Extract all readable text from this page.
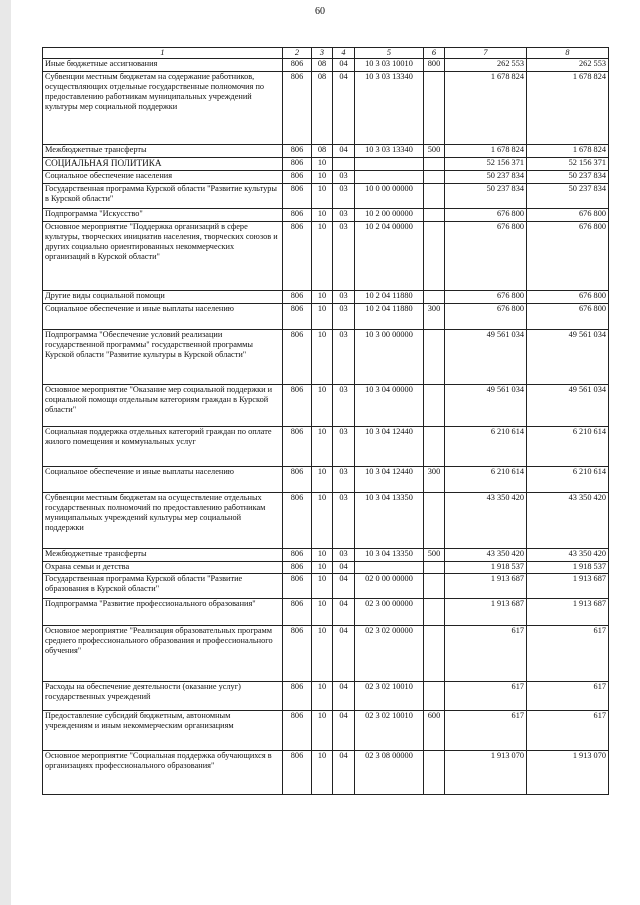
60
1	2	3	4	5	6	7	8
Иные бюджетные ассигнования	806	08	04	10 3 03 10010	800	262 553	262 553
Субвенции местным бюджетам на содержание работников, осуществляющих отдельные государственные полномочия по предоставлению работникам муниципальных учреждений культуры мер социальной поддержки	806	08	04	10 3 03 13340		1 678 824	1 678 824
Межбюджетные трансферты	806	08	04	10 3 03 13340	500	1 678 824	1 678 824
СОЦИАЛЬНАЯ ПОЛИТИКА	806	10				52 156 371	52 156 371
Социальное обеспечение населения	806	10	03			50 237 834	50 237 834
Государственная программа Курской области "Развитие культуры в Курской области"	806	10	03	10 0 00 00000		50 237 834	50 237 834
Подпрограмма "Искусство"	806	10	03	10 2 00 00000		676 800	676 800
Основное мероприятие "Поддержка организаций в сфере культуры, творческих инициатив населения, творческих союзов и других социально ориентированных некоммерческих организаций в Курской области"	806	10	03	10 2 04 00000		676 800	676 800
Другие виды социальной помощи	806	10	03	10 2 04 11880		676 800	676 800
Социальное обеспечение и иные выплаты населению	806	10	03	10 2 04 11880	300	676 800	676 800
Подпрограмма "Обеспечение условий реализации государственной программы" государственной программы Курской области "Развитие культуры в Курской области"	806	10	03	10 3 00 00000		49 561 034	49 561 034
Основное мероприятие "Оказание мер социальной поддержки и социальной помощи отдельным категориям граждан в Курской области"	806	10	03	10 3 04 00000		49 561 034	49 561 034
Социальная поддержка отдельных категорий граждан по оплате жилого помещения и коммунальных услуг	806	10	03	10 3 04 12440		6 210 614	6 210 614
Социальное обеспечение и иные выплаты населению	806	10	03	10 3 04 12440	300	6 210 614	6 210 614
Субвенции местным бюджетам на осуществление отдельных государственных полномочий по предоставлению работникам муниципальных учреждений культуры мер социальной поддержки	806	10	03	10 3 04 13350		43 350 420	43 350 420
Межбюджетные трансферты	806	10	03	10 3 04 13350	500	43 350 420	43 350 420
Охрана семьи и детства	806	10	04			1 918 537	1 918 537
Государственная программа Курской области "Развитие образования в Курской области"	806	10	04	02 0 00 00000		1 913 687	1 913 687
Подпрограмма "Развитие профессионального образования"	806	10	04	02 3 00 00000		1 913 687	1 913 687
Основное мероприятие "Реализация образовательных программ среднего профессионального образования и профессионального обучения"	806	10	04	02 3 02 00000		617	617
Расходы на обеспечение деятельности (оказание услуг) государственных учреждений	806	10	04	02 3 02 10010		617	617
Предоставление субсидий бюджетным, автономным учреждениям и иным некоммерческим организациям	806	10	04	02 3 02 10010	600	617	617
Основное мероприятие "Социальная поддержка обучающихся в организациях профессионального образования"	806	10	04	02 3 08 00000		1 913 070	1 913 070
